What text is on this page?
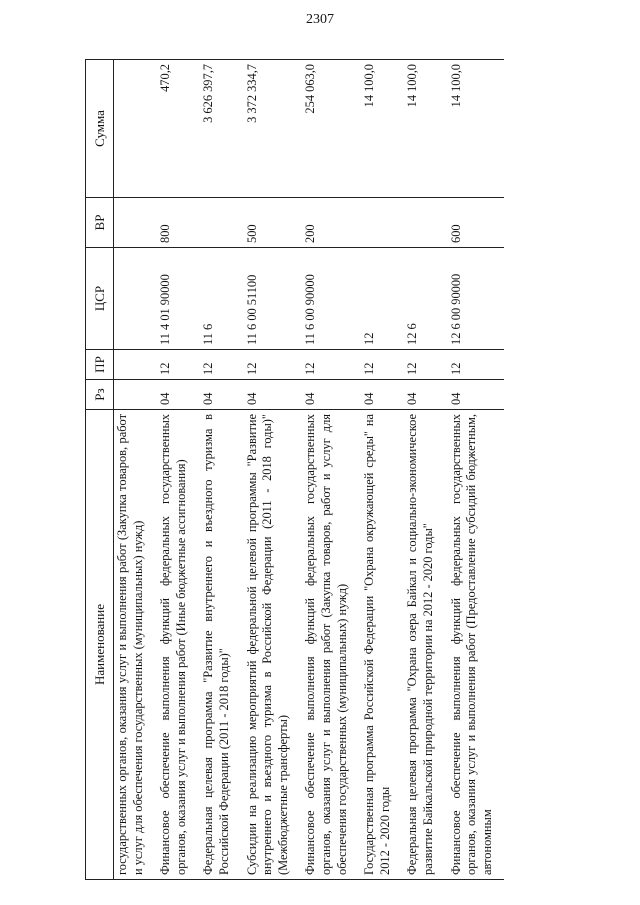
2307
Наименование	Рз	ПР	ЦСР	ВР	Сумма
государственных органов, оказания услуг и выполнения работ (Закупка товаров, работ и услуг для обеспечения государственных (муниципальных) нужд)					
Финансовое обеспечение выполнения функций федеральных государственных органов, оказания услуг и выполнения работ (Иные бюджетные ассигнования)	04	12	11 4 01 90000	800	470,2
Федеральная целевая программа "Развитие внутреннего и въездного туризма в Российской Федерации (2011 - 2018 годы)"	04	12	11 6		3 626 397,7
Субсидии на реализацию мероприятий федеральной целевой программы "Развитие внутреннего и въездного туризма в Российской Федерации (2011 - 2018 годы)" (Межбюджетные трансферты)	04	12	11 6 00 51100	500	3 372 334,7
Финансовое обеспечение выполнения функций федеральных государственных органов, оказания услуг и выполнения работ (Закупка товаров, работ и услуг для обеспечения государственных (муниципальных) нужд)	04	12	11 6 00 90000	200	254 063,0
Государственная программа Российской Федерации "Охрана окружающей среды" на 2012 - 2020 годы	04	12	12		14 100,0
Федеральная целевая программа "Охрана озера Байкал и социально-экономическое развитие Байкальской природной территории на 2012 - 2020 годы"	04	12	12 6		14 100,0
Финансовое обеспечение выполнения функций федеральных государственных органов, оказания услуг и выполнения работ (Предоставление субсидий бюджетным, автономным	04	12	12 6 00 90000	600	14 100,0
